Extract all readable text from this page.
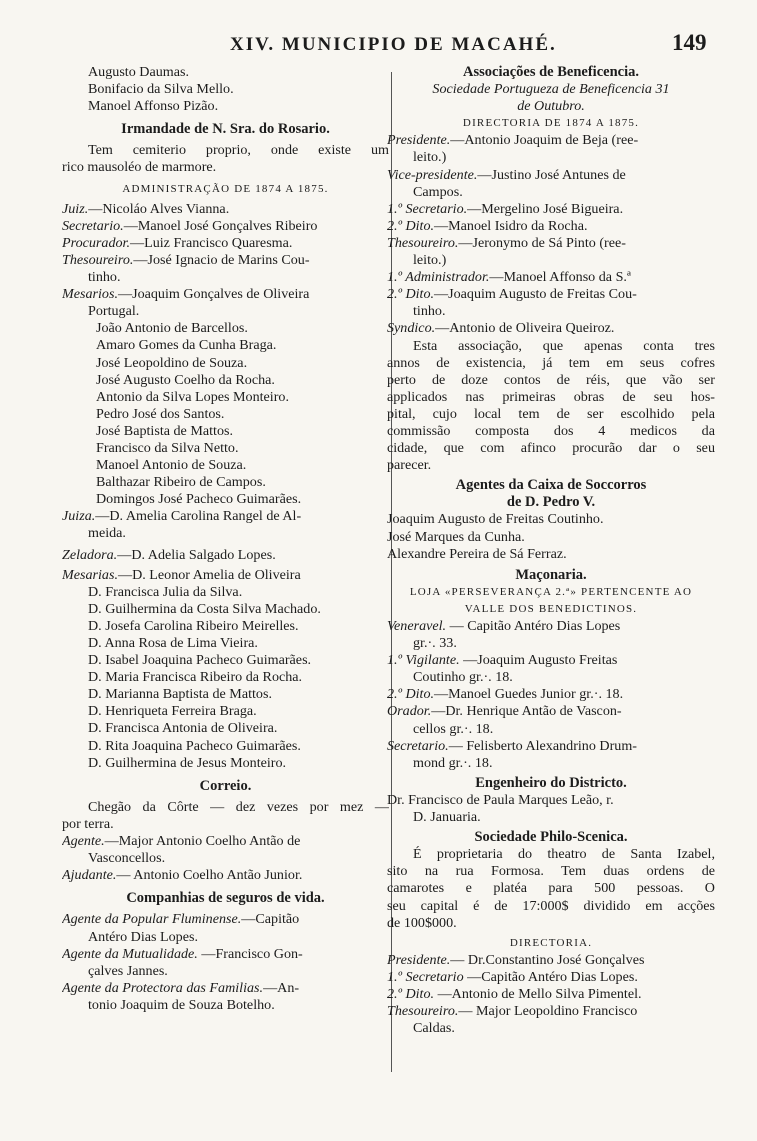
XIV. MUNICIPIO DE MACAHÉ.	149
Augusto Daumas.
Bonifacio da Silva Mello.
Manoel Affonso Pizão.
Irmandade de N. Sra. do Rosario.
Tem cemiterio proprio, onde existe um
rico mausoléo de marmore.
ADMINISTRAÇÃO DE 1874 A 1875.
Juiz.—Nicoláo Alves Vianna.
Secretario.—Manoel José Gonçalves Ribeiro
Procurador.—Luiz Francisco Quaresma.
Thesoureiro.—José Ignacio de Marins Cou-
tinho.
Mesarios.—Joaquim Gonçalves de Oliveira
Portugal.
João Antonio de Barcellos.
Amaro Gomes da Cunha Braga.
José Leopoldino de Souza.
José Augusto Coelho da Rocha.
Antonio da Silva Lopes Monteiro.
Pedro José dos Santos.
José Baptista de Mattos.
Francisco da Silva Netto.
Manoel Antonio de Souza.
Balthazar Ribeiro de Campos.
Domingos José Pacheco Guimarães.
Juiza.—D. Amelia Carolina Rangel de Al-
meida.
Zeladora.—D. Adelia Salgado Lopes.
Mesarias.—D. Leonor Amelia de Oliveira
D. Francisca Julia da Silva.
D. Guilhermina da Costa Silva Machado.
D. Josefa Carolina Ribeiro Meirelles.
D. Anna Rosa de Lima Vieira.
D. Isabel Joaquina Pacheco Guimarães.
D. Maria Francisca Ribeiro da Rocha.
D. Marianna Baptista de Mattos.
D. Henriqueta Ferreira Braga.
D. Francisca Antonia de Oliveira.
D. Rita Joaquina Pacheco Guimarães.
D. Guilhermina de Jesus Monteiro.
Correio.
Chegão da Côrte — dez vezes por mez —
por terra.
Agente.—Major Antonio Coelho Antão de
Vasconcellos.
Ajudante.— Antonio Coelho Antão Junior.
Companhias de seguros de vida.
Agente da Popular Fluminense.—Capitão
Antéro Dias Lopes.
Agente da Mutualidade. —Francisco Gon-
çalves Jannes.
Agente da Protectora das Familias.—An-
tonio Joaquim de Souza Botelho.
Associações de Beneficencia.
Sociedade Portugueza de Beneficencia 31
de Outubro.
DIRECTORIA DE 1874 A 1875.
Presidente.—Antonio Joaquim de Beja (ree-
leito.)
Vice-presidente.—Justino José Antunes de
Campos.
1.º Secretario.—Mergelino José Bigueira.
2.º Dito.—Manoel Isidro da Rocha.
Thesoureiro.—Jeronymo de Sá Pinto (ree-
leito.)
1.º Administrador.—Manoel Affonso da S.ª
2.º Dito.—Joaquim Augusto de Freitas Cou-
tinho.
Syndico.—Antonio de Oliveira Queiroz.
Esta associação, que apenas conta tres
annos de existencia, já tem em seus cofres
perto de doze contos de réis, que vão ser
applicados nas primeiras obras de seu hos-
pital, cujo local tem de ser escolhido pela
commissão composta dos 4 medicos da
cidade, que com afinco procurão dar o seu
parecer.
Agentes da Caixa de Soccorros
de D. Pedro V.
Joaquim Augusto de Freitas Coutinho.
José Marques da Cunha.
Alexandre Pereira de Sá Ferraz.
Maçonaria.
LOJA «PERSEVERANÇA 2.ª» PERTENCENTE AO
VALLE DOS BENEDICTINOS.
Veneravel. — Capitão Antéro Dias Lopes
gr.·. 33.
1.º Vigilante. —Joaquim Augusto Freitas
Coutinho gr.·. 18.
2.º Dito.—Manoel Guedes Junior gr.·. 18.
Orador.—Dr. Henrique Antão de Vascon-
cellos gr.·. 18.
Secretario.— Felisberto Alexandrino Drum-
mond gr.·. 18.
Engenheiro do Districto.
Dr. Francisco de Paula Marques Leão, r.
D. Januaria.
Sociedade Philo-Scenica.
É proprietaria do theatro de Santa Izabel,
sito na rua Formosa. Tem duas ordens de
camarotes e platéa para 500 pessoas. O
seu capital é de 17:000$ dividido em acções
de 100$000.
DIRECTORIA.
Presidente.— Dr.Constantino José Gonçalves
1.º Secretario —Capitão Antéro Dias Lopes.
2.º Dito. —Antonio de Mello Silva Pimentel.
Thesoureiro.— Major Leopoldino Francisco
Caldas.
